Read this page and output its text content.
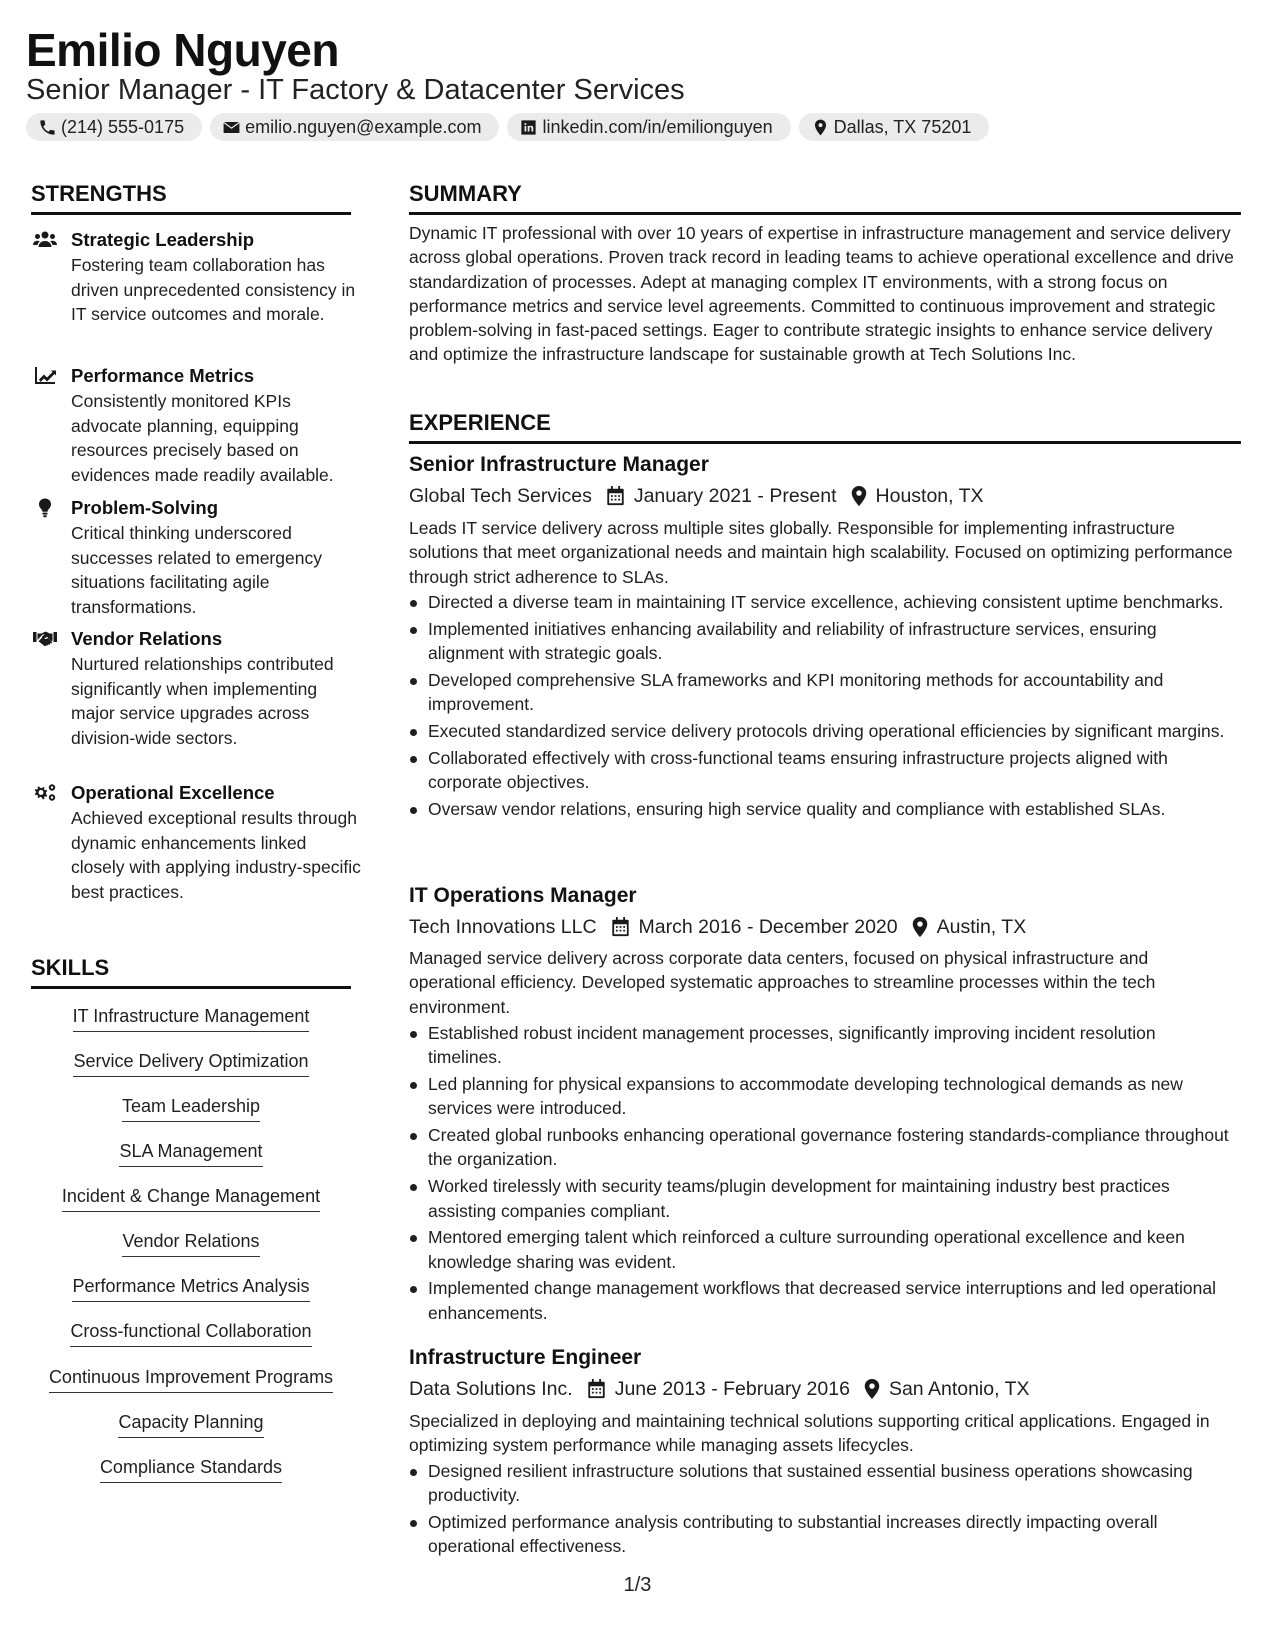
Emilio Nguyen
Senior Manager - IT Factory & Datacenter Services
(214) 555-0175	emilio.nguyen@example.com	linkedin.com/in/emilionguyen	Dallas, TX 75201
STRENGTHS
Strategic Leadership
Fostering team collaboration has driven unprecedented consistency in IT service outcomes and morale.
Performance Metrics
Consistently monitored KPIs advocate planning, equipping resources precisely based on evidences made readily available.
Problem-Solving
Critical thinking underscored successes related to emergency situations facilitating agile transformations.
Vendor Relations
Nurtured relationships contributed significantly when implementing major service upgrades across division-wide sectors.
Operational Excellence
Achieved exceptional results through dynamic enhancements linked closely with applying industry-specific best practices.
SKILLS
IT Infrastructure Management
Service Delivery Optimization
Team Leadership
SLA Management
Incident & Change Management
Vendor Relations
Performance Metrics Analysis
Cross-functional Collaboration
Continuous Improvement Programs
Capacity Planning
Compliance Standards
SUMMARY
Dynamic IT professional with over 10 years of expertise in infrastructure management and service delivery across global operations. Proven track record in leading teams to achieve operational excellence and drive standardization of processes. Adept at managing complex IT environments, with a strong focus on performance metrics and service level agreements. Committed to continuous improvement and strategic problem-solving in fast-paced settings. Eager to contribute strategic insights to enhance service delivery and optimize the infrastructure landscape for sustainable growth at Tech Solutions Inc.
EXPERIENCE
Senior Infrastructure Manager
Global Tech Services January 2021 - Present Houston, TX
Leads IT service delivery across multiple sites globally. Responsible for implementing infrastructure solutions that meet organizational needs and maintain high scalability. Focused on optimizing performance through strict adherence to SLAs.
Directed a diverse team in maintaining IT service excellence, achieving consistent uptime benchmarks.
Implemented initiatives enhancing availability and reliability of infrastructure services, ensuring alignment with strategic goals.
Developed comprehensive SLA frameworks and KPI monitoring methods for accountability and improvement.
Executed standardized service delivery protocols driving operational efficiencies by significant margins.
Collaborated effectively with cross-functional teams ensuring infrastructure projects aligned with corporate objectives.
Oversaw vendor relations, ensuring high service quality and compliance with established SLAs.
IT Operations Manager
Tech Innovations LLC March 2016 - December 2020 Austin, TX
Managed service delivery across corporate data centers, focused on physical infrastructure and operational efficiency. Developed systematic approaches to streamline processes within the tech environment.
Established robust incident management processes, significantly improving incident resolution timelines.
Led planning for physical expansions to accommodate developing technological demands as new services were introduced.
Created global runbooks enhancing operational governance fostering standards-compliance throughout the organization.
Worked tirelessly with security teams/plugin development for maintaining industry best practices assisting companies compliant.
Mentored emerging talent which reinforced a culture surrounding operational excellence and keen knowledge sharing was evident.
Implemented change management workflows that decreased service interruptions and led operational enhancements.
Infrastructure Engineer
Data Solutions Inc. June 2013 - February 2016 San Antonio, TX
Specialized in deploying and maintaining technical solutions supporting critical applications. Engaged in optimizing system performance while managing assets lifecycles.
Designed resilient infrastructure solutions that sustained essential business operations showcasing productivity.
Optimized performance analysis contributing to substantial increases directly impacting overall operational effectiveness.
1/3
